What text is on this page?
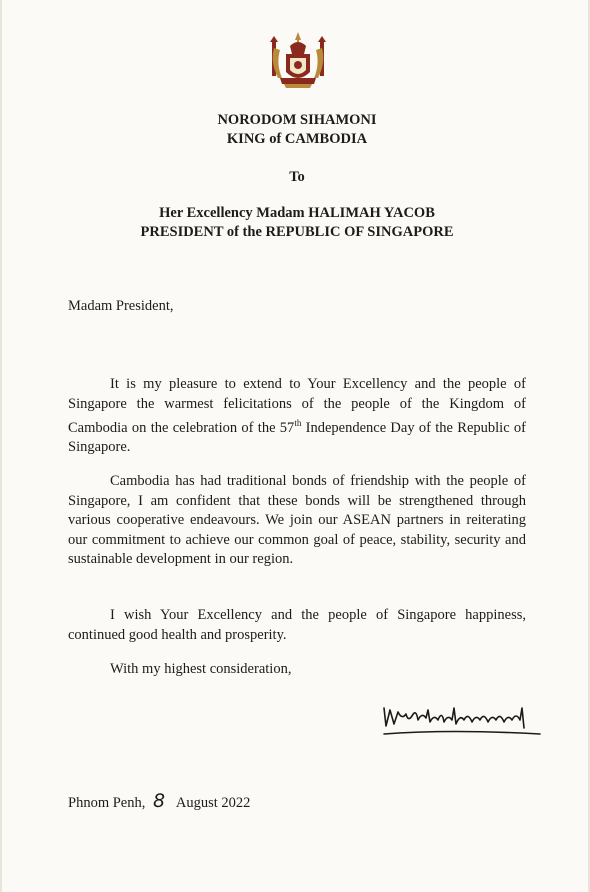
NORODOM SIHAMONI
KING of CAMBODIA
To
Her Excellency Madam HALIMAH YACOB
PRESIDENT of the REPUBLIC OF SINGAPORE
Madam President,
It is my pleasure to extend to Your Excellency and the people of Singapore the warmest felicitations of the people of the Kingdom of Cambodia on the celebration of the 57th Independence Day of the Republic of Singapore.
Cambodia has had traditional bonds of friendship with the people of Singapore, I am confident that these bonds will be strengthened through various cooperative endeavours. We join our ASEAN partners in reiterating our commitment to achieve our common goal of peace, stability, security and sustainable development in our region.
I wish Your Excellency and the people of Singapore happiness, continued good health and prosperity.
With my highest consideration,
Phnom Penh, 8 August 2022
